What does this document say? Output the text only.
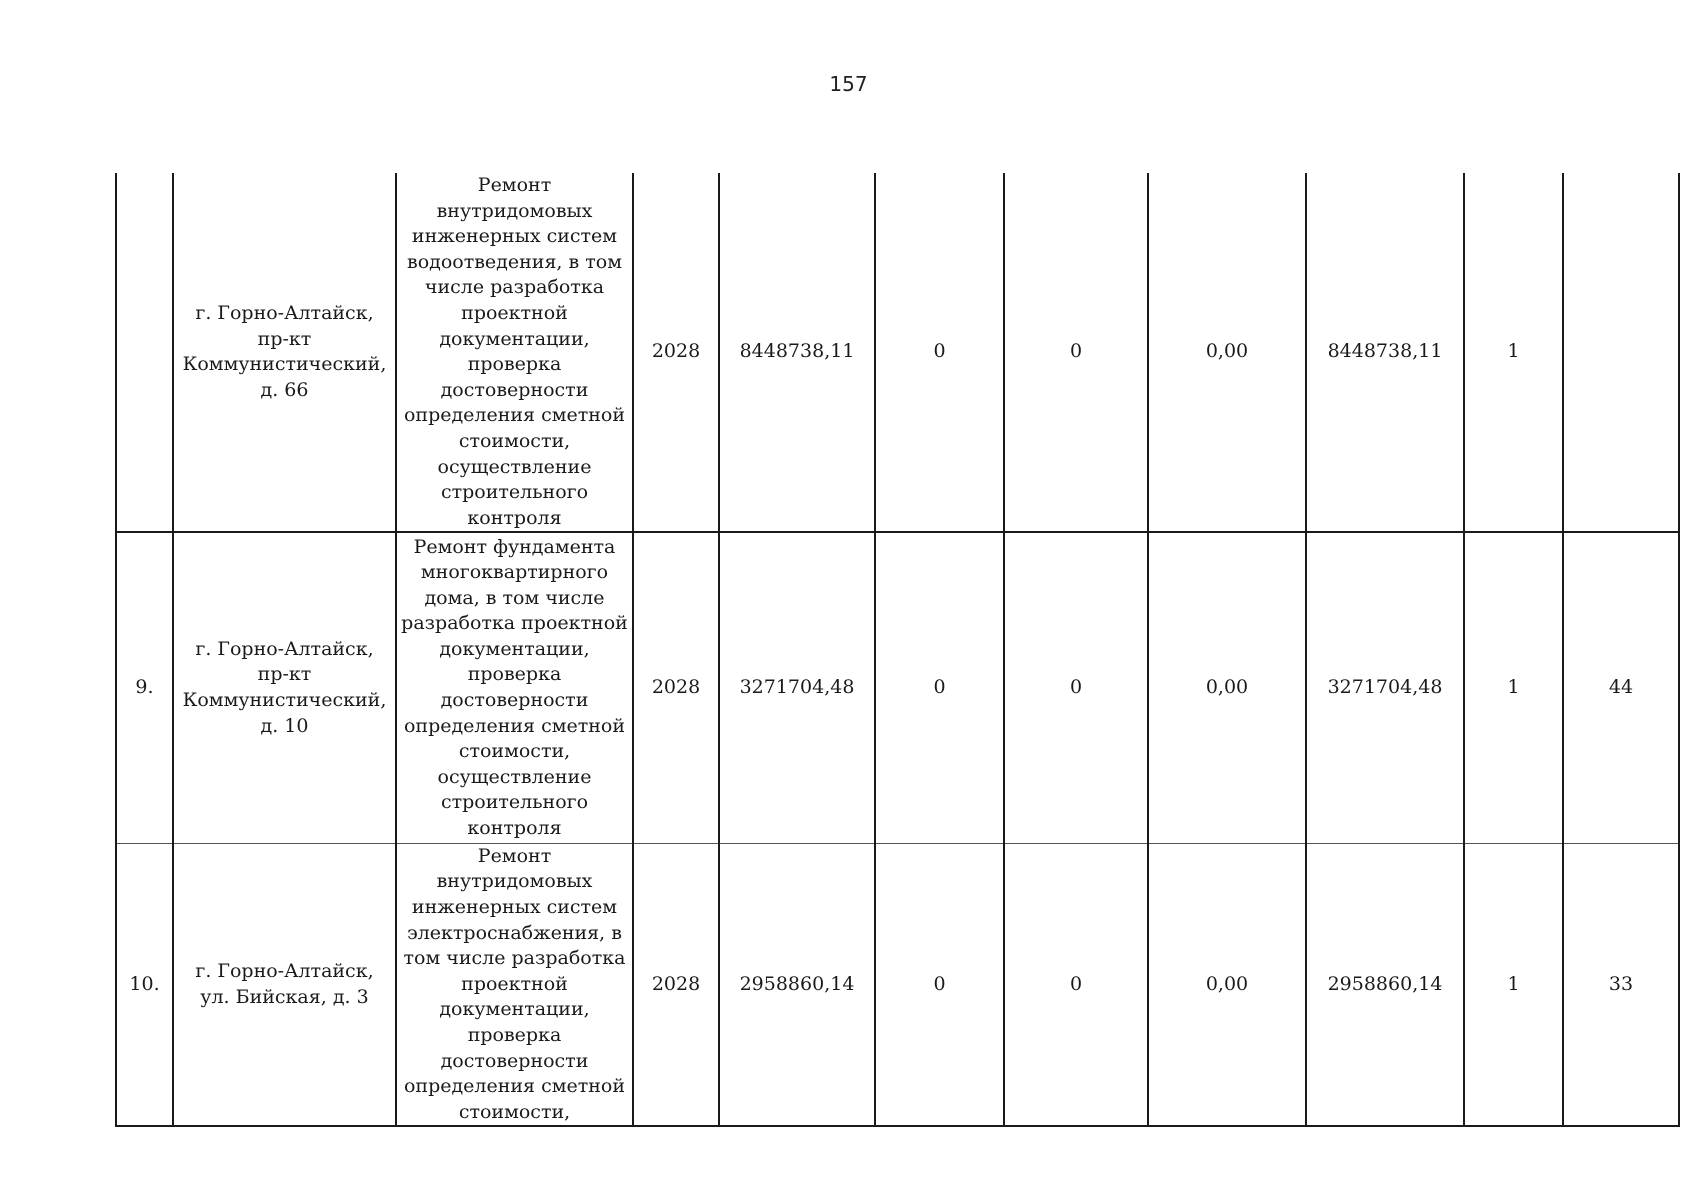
157
	г. Горно-Алтайск, пр-кт Коммунистический, д. 66	Ремонт внутридомовых инженерных систем водоотведения, в том числе разработка проектной документации, проверка достоверности определения сметной стоимости, осуществление строительного контроля	2028	8448738,11	0	0	0,00	8448738,11	1	
9.	г. Горно-Алтайск, пр-кт Коммунистический, д. 10	Ремонт фундамента многоквартирного дома, в том числе разработка проектной документации, проверка достоверности определения сметной стоимости, осуществление строительного контроля	2028	3271704,48	0	0	0,00	3271704,48	1	44
10.	г. Горно-Алтайск, ул. Бийская, д. 3	Ремонт внутридомовых инженерных систем электроснабжения, в том числе разработка проектной документации, проверка достоверности определения сметной стоимости,	2028	2958860,14	0	0	0,00	2958860,14	1	33
